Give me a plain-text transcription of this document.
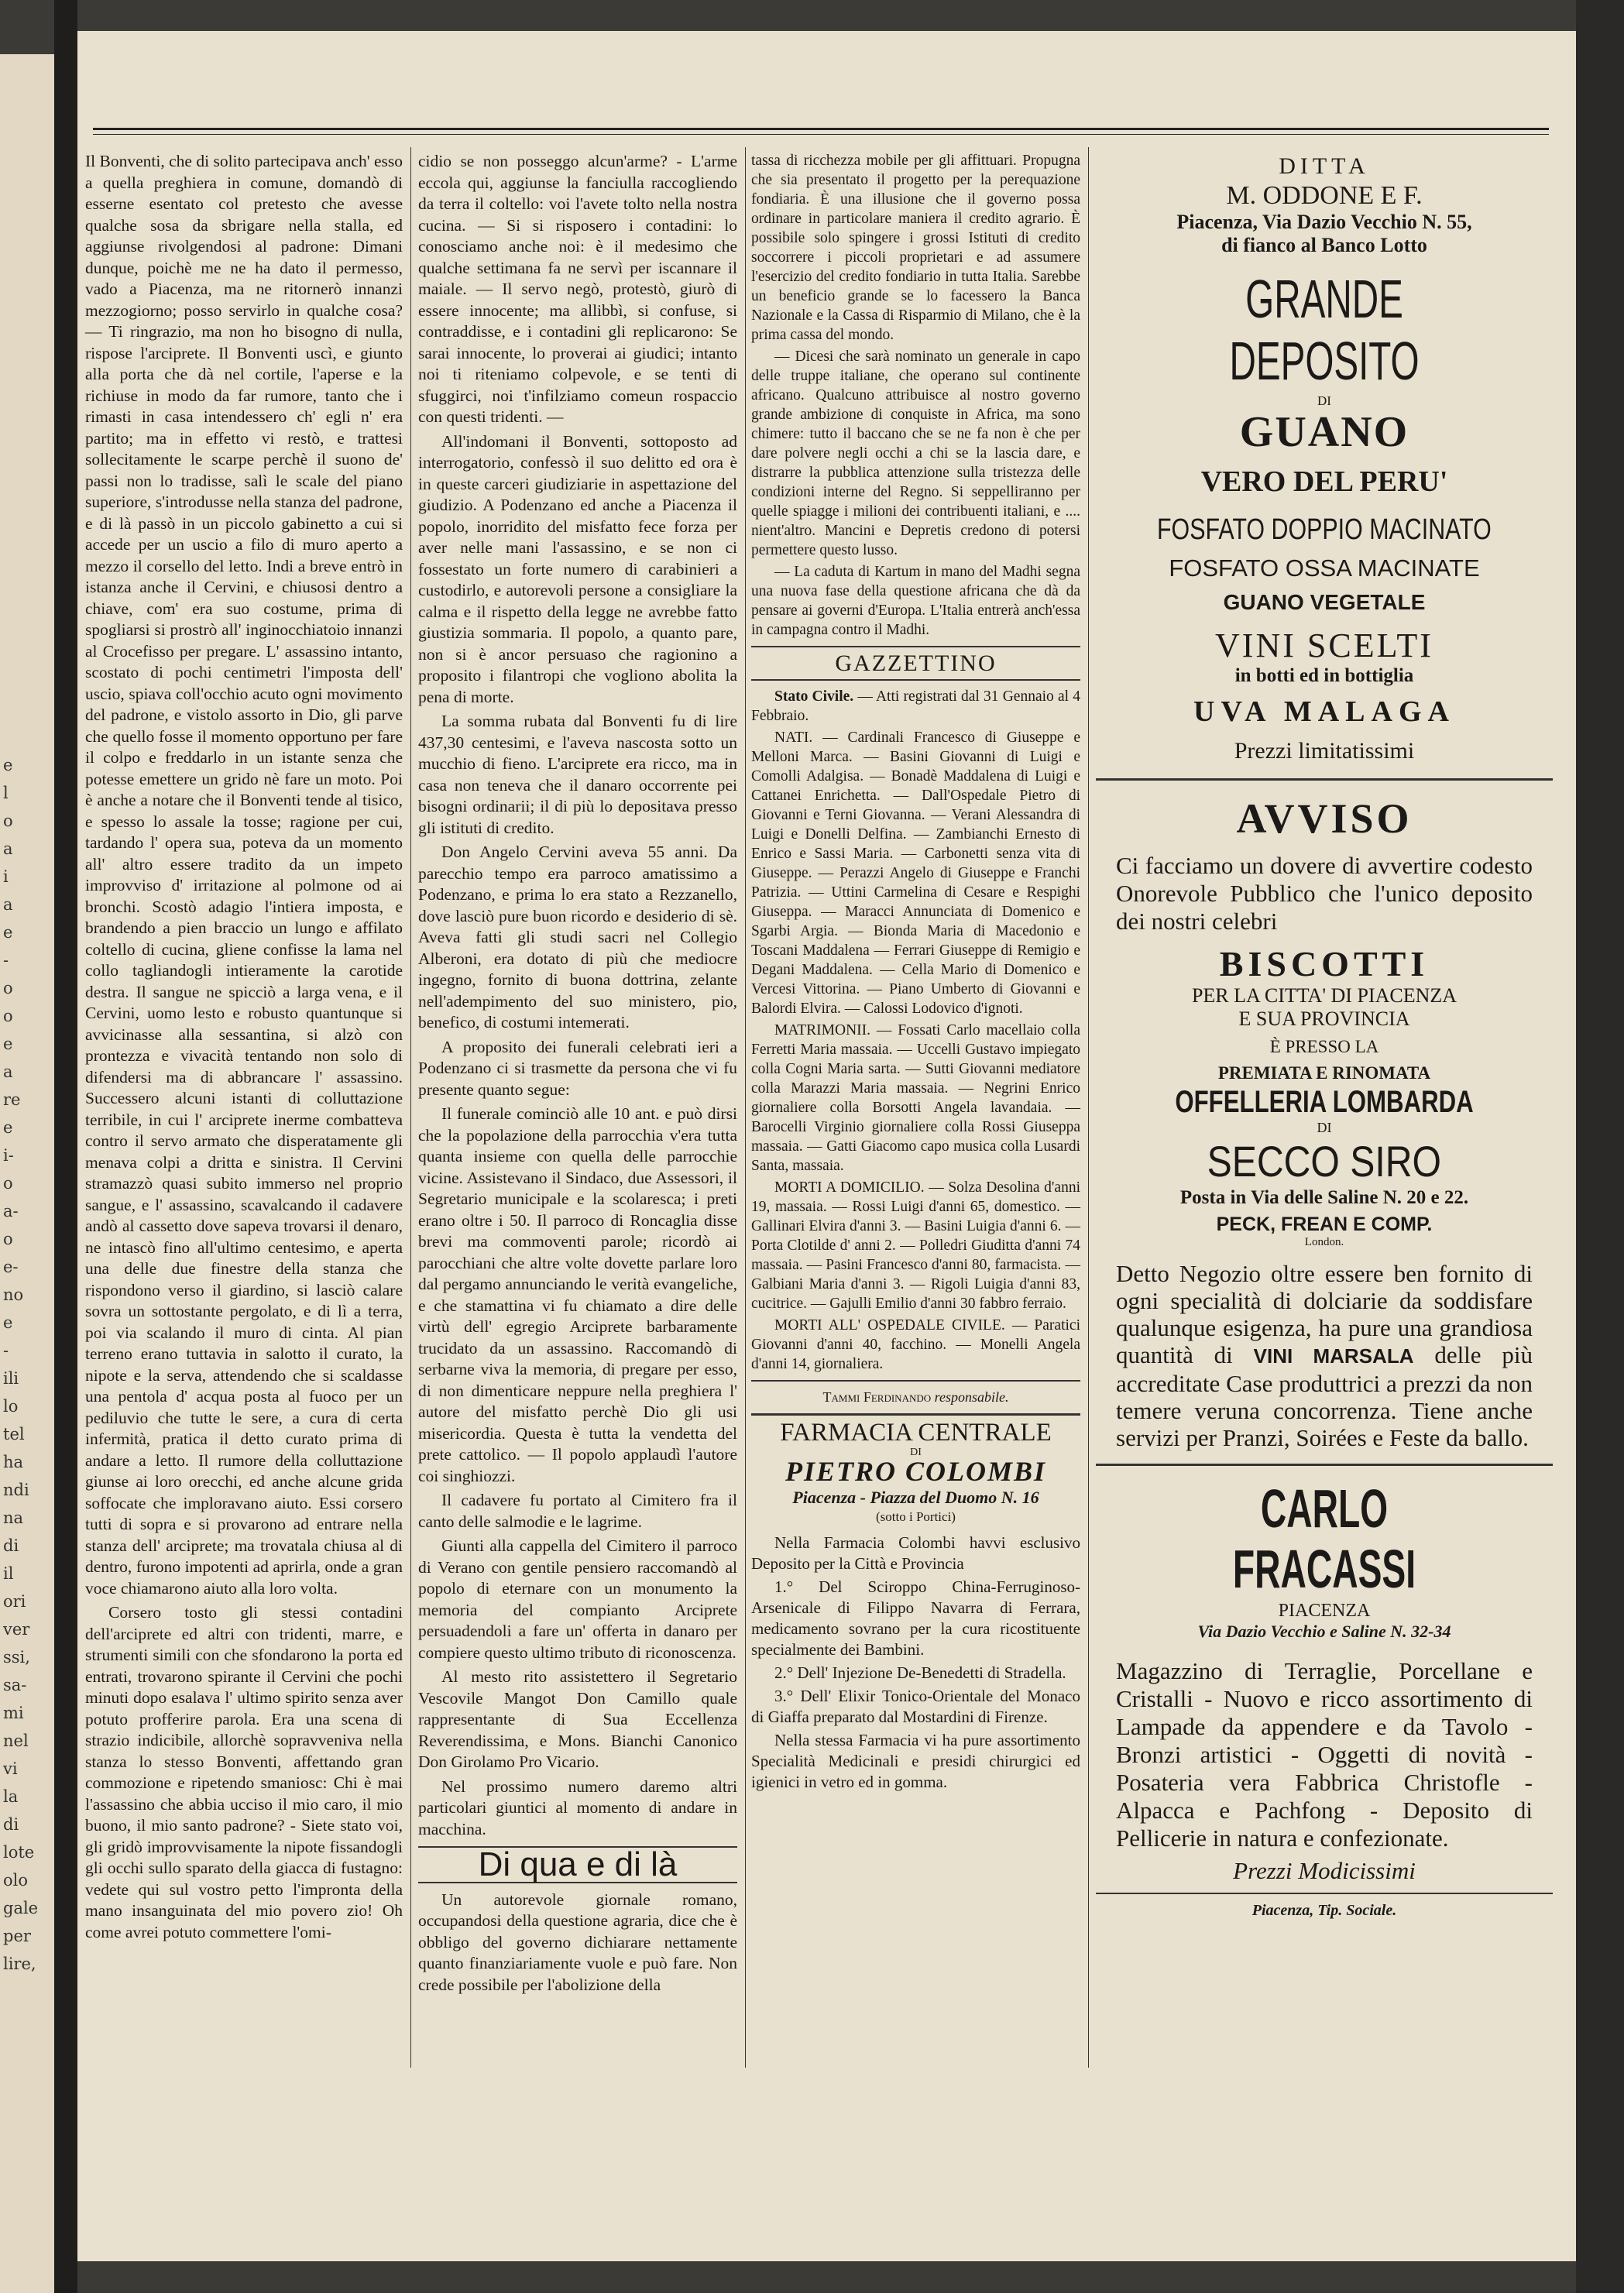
e
l
o
a
i
a
e
-
o
o
e
a
re
e
i-
o
a-
o
e-
no
e
-
ili
lo
tel
ha
ndi
na
di
il
ori
ver
ssi,
sa-
mi
nel
vi
la
di
lote
olo
gale
per
lire,

Il Bonventi, che di solito partecipava anch' esso a quella preghiera in comune, domandò di esserne esentato col pretesto che avesse qualche sosa da sbrigare nella stalla, ed aggiunse rivolgendosi al padrone: Dimani dunque, poichè me ne ha dato il permesso, vado a Piacenza, ma ne ritornerò innanzi mezzogiorno; posso servirlo in qualche cosa? — Ti ringrazio, ma non ho bisogno di nulla, rispose l'arciprete. Il Bonventi uscì, e giunto alla porta che dà nel cortile, l'aperse e la richiuse in modo da far rumore, tanto che i rimasti in casa intendessero ch' egli n' era partito; ma in effetto vi restò, e trattesi sollecitamente le scarpe perchè il suono de' passi non lo tradisse, salì le scale del piano superiore, s'introdusse nella stanza del padrone, e di là passò in un piccolo gabinetto a cui si accede per un uscio a filo di muro aperto a mezzo il corsello del letto. Indi a breve entrò in istanza anche il Cervini, e chiusosi dentro a chiave, com' era suo costume, prima di spogliarsi si prostrò all' inginocchiatoio innanzi al Crocefisso per pregare. L' assassino intanto, scostato di pochi centimetri l'imposta dell' uscio, spiava coll'occhio acuto ogni movimento del padrone, e vistolo assorto in Dio, gli parve che quello fosse il momento opportuno per fare il colpo e freddarlo in un istante senza che potesse emettere un grido nè fare un moto. Poi è anche a notare che il Bonventi tende al tisico, e spesso lo assale la tosse; ragione per cui, tardando l' opera sua, poteva da un momento all' altro essere tradito da un impeto improvviso d' irritazione al polmone od ai bronchi. Scostò adagio l'intiera imposta, e brandendo a pien braccio un lungo e affilato coltello di cucina, gliene confisse la lama nel collo tagliandogli intieramente la carotide destra. Il sangue ne spicciò a larga vena, e il Cervini, uomo lesto e robusto quantunque si avvicinasse alla sessantina, si alzò con prontezza e vivacità tentando non solo di difendersi ma di abbrancare l' assassino. Successero alcuni istanti di colluttazione terribile, in cui l' arciprete inerme combatteva contro il servo armato che disperatamente gli menava colpi a dritta e sinistra. Il Cervini stramazzò quasi subito immerso nel proprio sangue, e l' assassino, scavalcando il cadavere andò al cassetto dove sapeva trovarsi il denaro, ne intascò fino all'ultimo centesimo, e aperta una delle due finestre della stanza che rispondono verso il giardino, si lasciò calare sovra un sottostante pergolato, e di lì a terra, poi via scalando il muro di cinta. Al pian terreno erano tuttavia in salotto il curato, la nipote e la serva, attendendo che si scaldasse una pentola d' acqua posta al fuoco per un pediluvio che tutte le sere, a cura di certa infermità, pratica il detto curato prima di andare a letto. Il rumore della colluttazione giunse ai loro orecchi, ed anche alcune grida soffocate che imploravano aiuto. Essi corsero tutti di sopra e si provarono ad entrare nella stanza dell' arciprete; ma trovatala chiusa al di dentro, furono impotenti ad aprirla, onde a gran voce chiamarono aiuto alla loro volta.

Corsero tosto gli stessi contadini dell'arciprete ed altri con tridenti, marre, e strumenti simili con che sfondarono la porta ed entrati, trovarono spirante il Cervini che pochi minuti dopo esalava l' ultimo spirito senza aver potuto profferire parola. Era una scena di strazio indicibile, allorchè sopravveniva nella stanza lo stesso Bonventi, affettando gran commozione e ripetendo smaniosc: Chi è mai l'assassino che abbia ucciso il mio caro, il mio buono, il mio santo padrone? - Siete stato voi, gli gridò improvvisamente la nipote fissandogli gli occhi sullo sparato della giacca di fustagno: vedete qui sul vostro petto l'impronta della mano insanguinata del mio povero zio! Oh come avrei potuto commettere l'omi-

cidio se non posseggo alcun'arme? - L'arme eccola qui, aggiunse la fanciulla raccogliendo da terra il coltello: voi l'avete tolto nella nostra cucina. — Si si risposero i contadini: lo conosciamo anche noi: è il medesimo che qualche settimana fa ne servì per iscannare il maiale. — Il servo negò, protestò, giurò di essere innocente; ma allibbì, si confuse, si contraddisse, e i contadini gli replicarono: Se sarai innocente, lo proverai ai giudici; intanto noi ti riteniamo colpevole, e se tenti di sfuggirci, noi t'infilziamo comeun rospaccio con questi tridenti. —

All'indomani il Bonventi, sottoposto ad interrogatorio, confessò il suo delitto ed ora è in queste carceri giudiziarie in aspettazione del giudizio. A Podenzano ed anche a Piacenza il popolo, inorridito del misfatto fece forza per aver nelle mani l'assassino, e se non ci fossestato un forte numero di carabinieri a custodirlo, e autorevoli persone a consigliare la calma e il rispetto della legge ne avrebbe fatto giustizia sommaria. Il popolo, a quanto pare, non si è ancor persuaso che ragionino a proposito i filantropi che vogliono abolita la pena di morte.

La somma rubata dal Bonventi fu di lire 437,30 centesimi, e l'aveva nascosta sotto un mucchio di fieno. L'arciprete era ricco, ma in casa non teneva che il danaro occorrente pei bisogni ordinarii; il di più lo depositava presso gli istituti di credito.

Don Angelo Cervini aveva 55 anni. Da parecchio tempo era parroco amatissimo a Podenzano, e prima lo era stato a Rezzanello, dove lasciò pure buon ricordo e desiderio di sè. Aveva fatti gli studi sacri nel Collegio Alberoni, era dotato di più che mediocre ingegno, fornito di buona dottrina, zelante nell'adempimento del suo ministero, pio, benefico, di costumi intemerati.

A proposito dei funerali celebrati ieri a Podenzano ci si trasmette da persona che vi fu presente quanto segue:

Il funerale cominciò alle 10 ant. e può dirsi che la popolazione della parrocchia v'era tutta quanta insieme con quella delle parrocchie vicine. Assistevano il Sindaco, due Assessori, il Segretario municipale e la scolaresca; i preti erano oltre i 50. Il parroco di Roncaglia disse brevi ma commoventi parole; ricordò ai parocchiani che altre volte dovette parlare loro dal pergamo annunciando le verità evangeliche, e che stamattina vi fu chiamato a dire delle virtù dell' egregio Arciprete barbaramente trucidato da un assassino. Raccomandò di serbarne viva la memoria, di pregare per esso, di non dimenticare neppure nella preghiera l' autore del misfatto perchè Dio gli usi misericordia. Questa è tutta la vendetta del prete cattolico. — Il popolo applaudì l'autore coi singhiozzi.

Il cadavere fu portato al Cimitero fra il canto delle salmodie e le lagrime.

Giunti alla cappella del Cimitero il parroco di Verano con gentile pensiero raccomandò al popolo di eternare con un monumento la memoria del compianto Arciprete persuadendoli a fare un' offerta in danaro per compiere questo ultimo tributo di riconoscenza.

Al mesto rito assistettero il Segretario Vescovile Mangot Don Camillo quale rappresentante di Sua Eccellenza Reverendissima, e Mons. Bianchi Canonico Don Girolamo Pro Vicario.

Nel prossimo numero daremo altri particolari giuntici al momento di andare in macchina.

Di qua e di là

Un autorevole giornale romano, occupandosi della questione agraria, dice che è obbligo del governo dichiarare nettamente quanto finanziariamente vuole e può fare. Non crede possibile per l'abolizione della

tassa di ricchezza mobile per gli affittuari. Propugna che sia presentato il progetto per la perequazione fondiaria. È una illusione che il governo possa ordinare in particolare maniera il credito agrario. È possibile solo spingere i grossi Istituti di credito soccorrere i piccoli proprietari e ad assumere l'esercizio del credito fondiario in tutta Italia. Sarebbe un beneficio grande se lo facessero la Banca Nazionale e la Cassa di Risparmio di Milano, che è la prima cassa del mondo.

— Dicesi che sarà nominato un generale in capo delle truppe italiane, che operano sul continente africano. Qualcuno attribuisce al nostro governo grande ambizione di conquiste in Africa, ma sono chimere: tutto il baccano che se ne fa non è che per dare polvere negli occhi a chi se la lascia dare, e distrarre la pubblica attenzione sulla tristezza delle condizioni interne del Regno. Si seppelliranno per quelle spiagge i milioni dei contribuenti italiani, e .... nient'altro. Mancini e Depretis credono di potersi permettere questo lusso.

— La caduta di Kartum in mano del Madhi segna una nuova fase della questione africana che dà da pensare ai governi d'Europa. L'Italia entrerà anch'essa in campagna contro il Madhi.

GAZZETTINO

Stato Civile. — Atti registrati dal 31 Gennaio al 4 Febbraio.

NATI. — Cardinali Francesco di Giuseppe e Melloni Marca. — Basini Giovanni di Luigi e Comolli Adalgisa. — Bonadè Maddalena di Luigi e Cattanei Enrichetta. — Dall'Ospedale Pietro di Giovanni e Terni Giovanna. — Verani Alessandra di Luigi e Donelli Delfina. — Zambianchi Ernesto di Enrico e Sassi Maria. — Carbonetti senza vita di Giuseppe. — Perazzi Angelo di Giuseppe e Franchi Patrizia. — Uttini Carmelina di Cesare e Respighi Giuseppa. — Maracci Annunciata di Domenico e Sgarbi Argia. — Bionda Maria di Macedonio e Toscani Maddalena — Ferrari Giuseppe di Remigio e Degani Maddalena. — Cella Mario di Domenico e Vercesi Vittorina. — Piano Umberto di Giovanni e Balordi Elvira. — Calossi Lodovico d'ignoti.

MATRIMONII. — Fossati Carlo macellaio colla Ferretti Maria massaia. — Uccelli Gustavo impiegato colla Cogni Maria sarta. — Sutti Giovanni mediatore colla Marazzi Maria massaia. — Negrini Enrico giornaliere colla Borsotti Angela lavandaia. — Barocelli Virginio giornaliere colla Rossi Giuseppa massaia. — Gatti Giacomo capo musica colla Lusardi Santa, massaia.

MORTI A DOMICILIO. — Solza Desolina d'anni 19, massaia. — Rossi Luigi d'anni 65, domestico. — Gallinari Elvira d'anni 3. — Basini Luigia d'anni 6. — Porta Clotilde d' anni 2. — Polledri Giuditta d'anni 74 massaia. — Pasini Francesco d'anni 80, farmacista. — Galbiani Maria d'anni 3. — Rigoli Luigia d'anni 83, cucitrice. — Gajulli Emilio d'anni 30 fabbro ferraio.

MORTI ALL' OSPEDALE CIVILE. — Paratici Giovanni d'anni 40, facchino. — Monelli Angela d'anni 14, giornaliera.

Tammi Ferdinando responsabile.
FARMACIA CENTRALE
DI
PIETRO COLOMBI
Piacenza - Piazza del Duomo N. 16
(sotto i Portici)

Nella Farmacia Colombi havvi esclusivo Deposito per la Città e Provincia

1.° Del Sciroppo China-Ferruginoso-Arsenicale di Filippo Navarra di Ferrara, medicamento sovrano per la cura ricostituente specialmente dei Bambini.

2.° Dell' Injezione De-Benedetti di Stradella.

3.° Dell' Elixir Tonico-Orientale del Monaco di Giaffa preparato dal Mostardini di Firenze.

Nella stessa Farmacia vi ha pure assortimento Specialità Medicinali e presidi chirurgici ed igienici in vetro ed in gomma.

DITTA
M. ODDONE E F.
Piacenza, Via Dazio Vecchio N. 55,
di fianco al Banco Lotto
GRANDE DEPOSITO
DI
GUANO
VERO DEL PERU'
FOSFATO DOPPIO MACINATO
FOSFATO OSSA MACINATE
GUANO VEGETALE
VINI SCELTI
in botti ed in bottiglia
UVA MALAGA
Prezzi limitatissimi
AVVISO
Ci facciamo un dovere di avvertire codesto Onorevole Pubblico che l'unico deposito dei nostri celebri
BISCOTTI
PER LA CITTA' DI PIACENZA
E SUA PROVINCIA
È PRESSO LA
PREMIATA E RINOMATA
OFFELLERIA LOMBARDA
DI
SECCO SIRO
Posta in Via delle Saline N. 20 e 22.
PECK, FREAN E COMP.
London.
Detto Negozio oltre essere ben fornito di ogni specialità di dolciarie da soddisfare qualunque esigenza, ha pure una grandiosa quantità di VINI MARSALA delle più accreditate Case produttrici a prezzi da non temere veruna concorrenza. Tiene anche servizi per Pranzi, Soirées e Feste da ballo.
CARLO FRACASSI
PIACENZA
Via Dazio Vecchio e Saline N. 32-34
Magazzino di Terraglie, Porcellane e Cristalli - Nuovo e ricco assortimento di Lampade da appendere e da Tavolo - Bronzi artistici - Oggetti di novità - Posateria vera Fabbrica Christofle - Alpacca e Pachfong - Deposito di Pellicerie in natura e confezionate.
Prezzi Modicissimi
Piacenza, Tip. Sociale.
